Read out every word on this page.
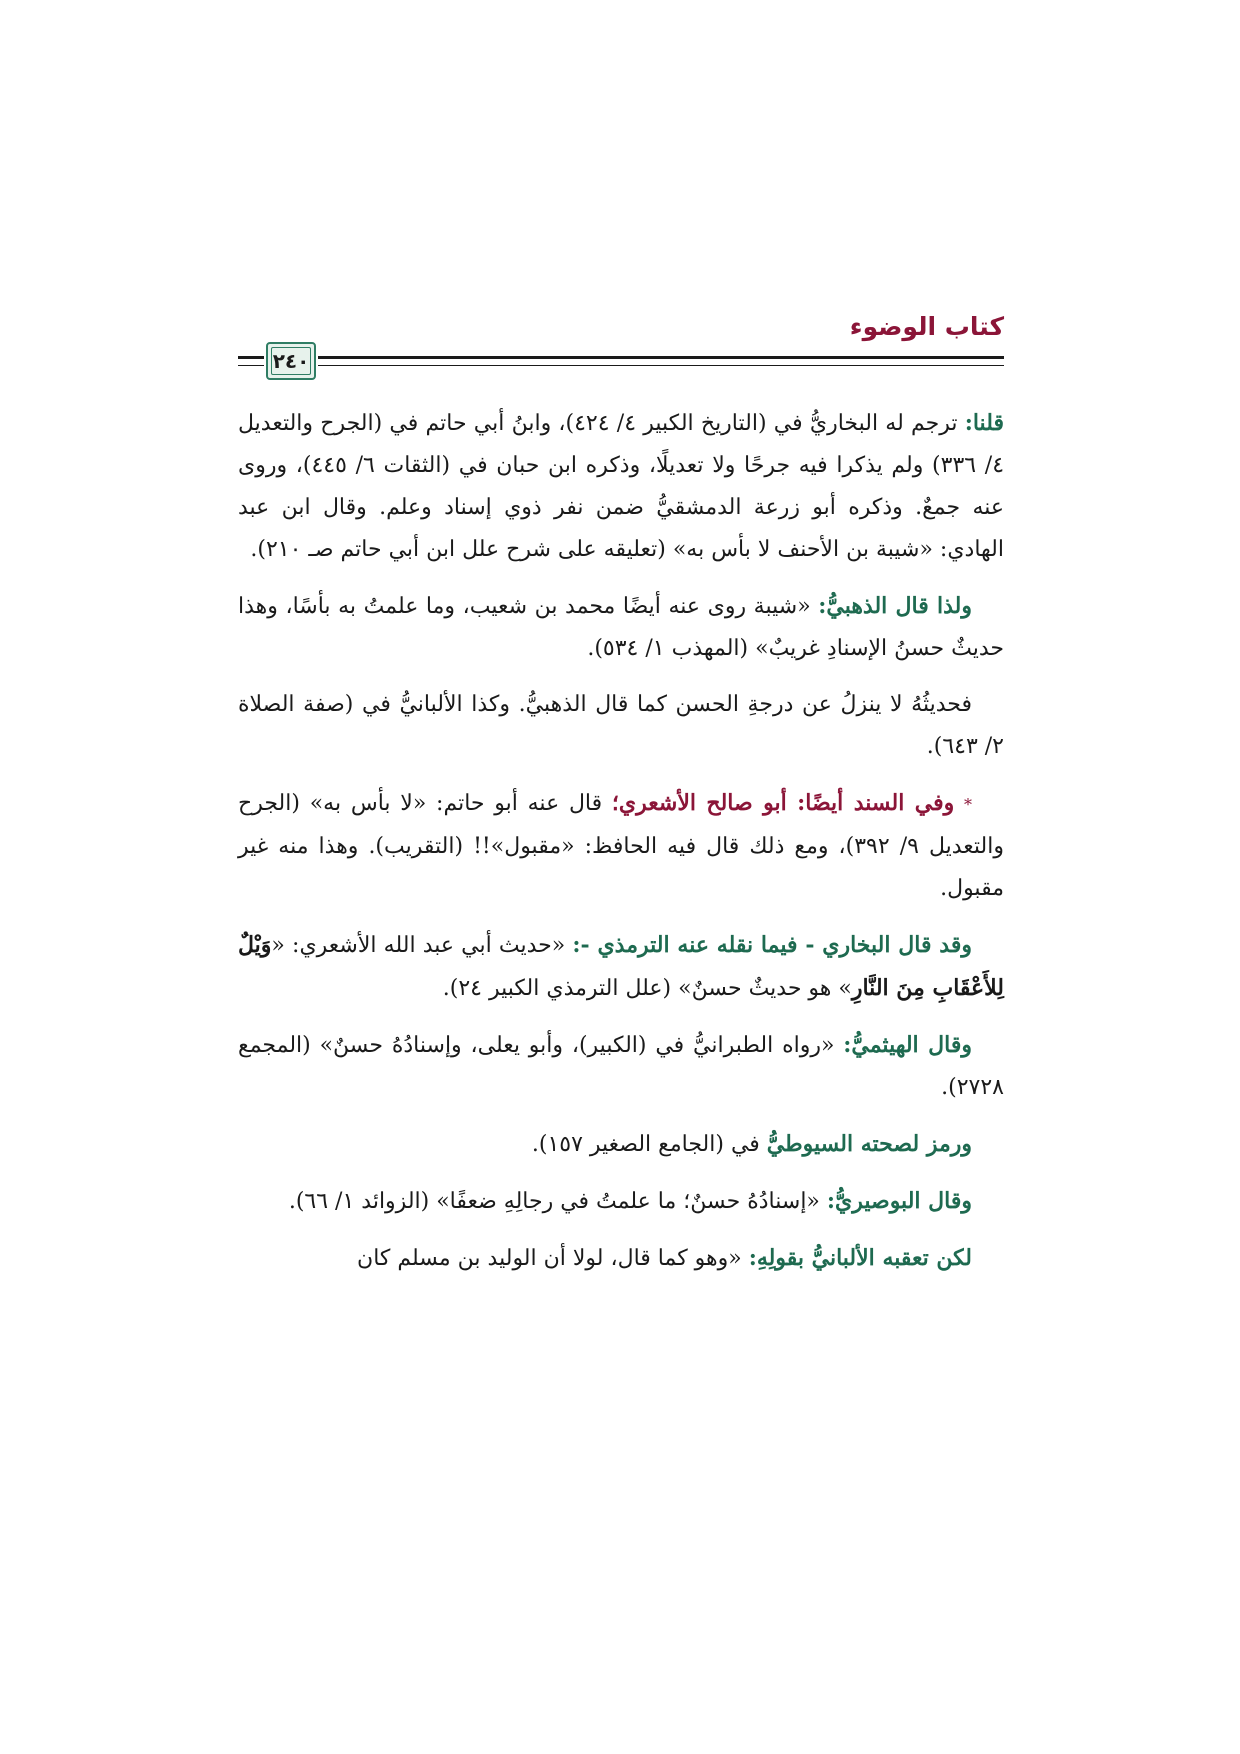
كتاب الوضوء
٢٤٠

قلنا: ترجم له البخاريُّ في (التاريخ الكبير ٤/ ٤٢٤)، وابنُ أبي حاتم في (الجرح والتعديل ٤/ ٣٣٦) ولم يذكرا فيه جرحًا ولا تعديلًا، وذكره ابن حبان في (الثقات ٦/ ٤٤٥)، وروى عنه جمعٌ. وذكره أبو زرعة الدمشقيُّ ضمن نفر ذوي إسناد وعلم. وقال ابن عبد الهادي: «شيبة بن الأحنف لا بأس به» (تعليقه على شرح علل ابن أبي حاتم صـ ٢١٠).

ولذا قال الذهبيُّ: «شيبة روى عنه أيضًا محمد بن شعيب، وما علمتُ به بأسًا، وهذا حديثٌ حسنُ الإسنادِ غريبٌ» (المهذب ١/ ٥٣٤).

فحديثُهُ لا ينزلُ عن درجةِ الحسن كما قال الذهبيُّ. وكذا الألبانيُّ في (صفة الصلاة ٢/ ٦٤٣).

* وفي السند أيضًا: أبو صالح الأشعري؛ قال عنه أبو حاتم: «لا بأس به» (الجرح والتعديل ٩/ ٣٩٢)، ومع ذلك قال فيه الحافظ: «مقبول»!! (التقريب). وهذا منه غير مقبول.

وقد قال البخاري - فيما نقله عنه الترمذي -: «حديث أبي عبد الله الأشعري: «وَيْلٌ لِلأَعْقَابِ مِنَ النَّارِ» هو حديثٌ حسنٌ» (علل الترمذي الكبير ٢٤).

وقال الهيثميُّ: «رواه الطبرانيُّ في (الكبير)، وأبو يعلى، وإسنادُهُ حسنٌ» (المجمع ٢٧٢٨).

ورمز لصحته السيوطيُّ في (الجامع الصغير ١٥٧).

وقال البوصيريُّ: «إسنادُهُ حسنٌ؛ ما علمتُ في رجالِهِ ضعفًا» (الزوائد ١/ ٦٦).

لكن تعقبه الألبانيُّ بقولِهِ: «وهو كما قال، لولا أن الوليد بن مسلم كان
